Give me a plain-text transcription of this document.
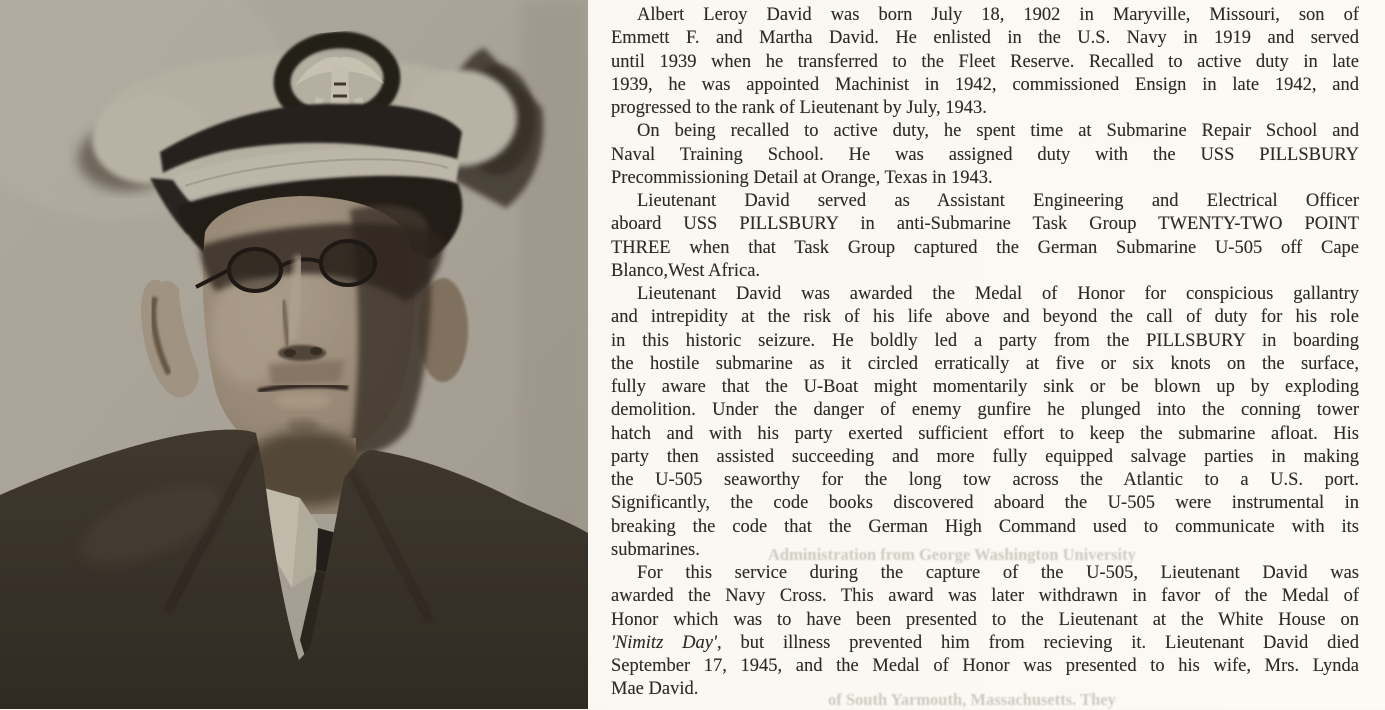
Albert Leroy David was born July 18, 1902 in Maryville, Missouri, son of
Emmett F. and Martha David. He enlisted in the U.S. Navy in 1919 and served
until 1939 when he transferred to the Fleet Reserve. Recalled to active duty in late
1939, he was appointed Machinist in 1942, commissioned Ensign in late 1942, and
progressed to the rank of Lieutenant by July, 1943.
On being recalled to active duty, he spent time at Submarine Repair School and
Naval Training School. He was assigned duty with the USS PILLSBURY
Precommissioning Detail at Orange, Texas in 1943.
Lieutenant David served as Assistant Engineering and Electrical Officer
aboard USS PILLSBURY in anti-Submarine Task Group TWENTY-TWO POINT
THREE when that Task Group captured the German Submarine U-505 off Cape
Blanco,West Africa.
Lieutenant David was awarded the Medal of Honor for conspicious gallantry
and intrepidity at the risk of his life above and beyond the call of duty for his role
in this historic seizure. He boldly led a party from the PILLSBURY in boarding
the hostile submarine as it circled erratically at five or six knots on the surface,
fully aware that the U-Boat might momentarily sink or be blown up by exploding
demolition. Under the danger of enemy gunfire he plunged into the conning tower
hatch and with his party exerted sufficient effort to keep the submarine afloat. His
party then assisted succeeding and more fully equipped salvage parties in making
the U-505 seaworthy for the long tow across the Atlantic to a U.S. port.
Significantly, the code books discovered aboard the U-505 were instrumental in
breaking the code that the German High Command used to communicate with its
submarines.
For this service during the capture of the U-505, Lieutenant David was
awarded the Navy Cross. This award was later withdrawn in favor of the Medal of
Honor which was to have been presented to the Lieutenant at the White House on
'Nimitz Day', but illness prevented him from recieving it. Lieutenant David died
September 17, 1945, and the Medal of Honor was presented to his wife, Mrs. Lynda
Mae David.
Administration from George Washington University
of South Yarmouth, Massachusetts. They
